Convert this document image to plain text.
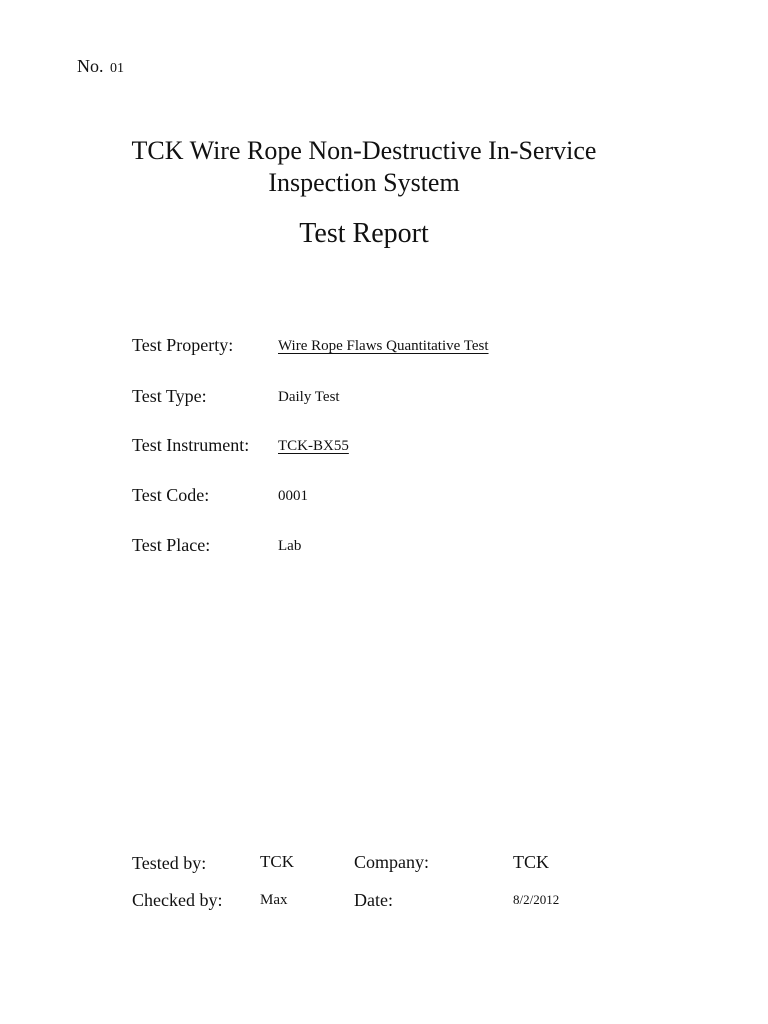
No. 01
TCK Wire Rope Non-Destructive In-Service
Inspection System
Test Report
Test Property:	Wire Rope Flaws Quantitative Test
Test Type:	Daily Test
Test Instrument: TCK-BX55
Test Code:	0001
Test Place:	Lab
Tested by:	TCK	Company:	TCK
Checked by:	Max	Date:	8/2/2012
